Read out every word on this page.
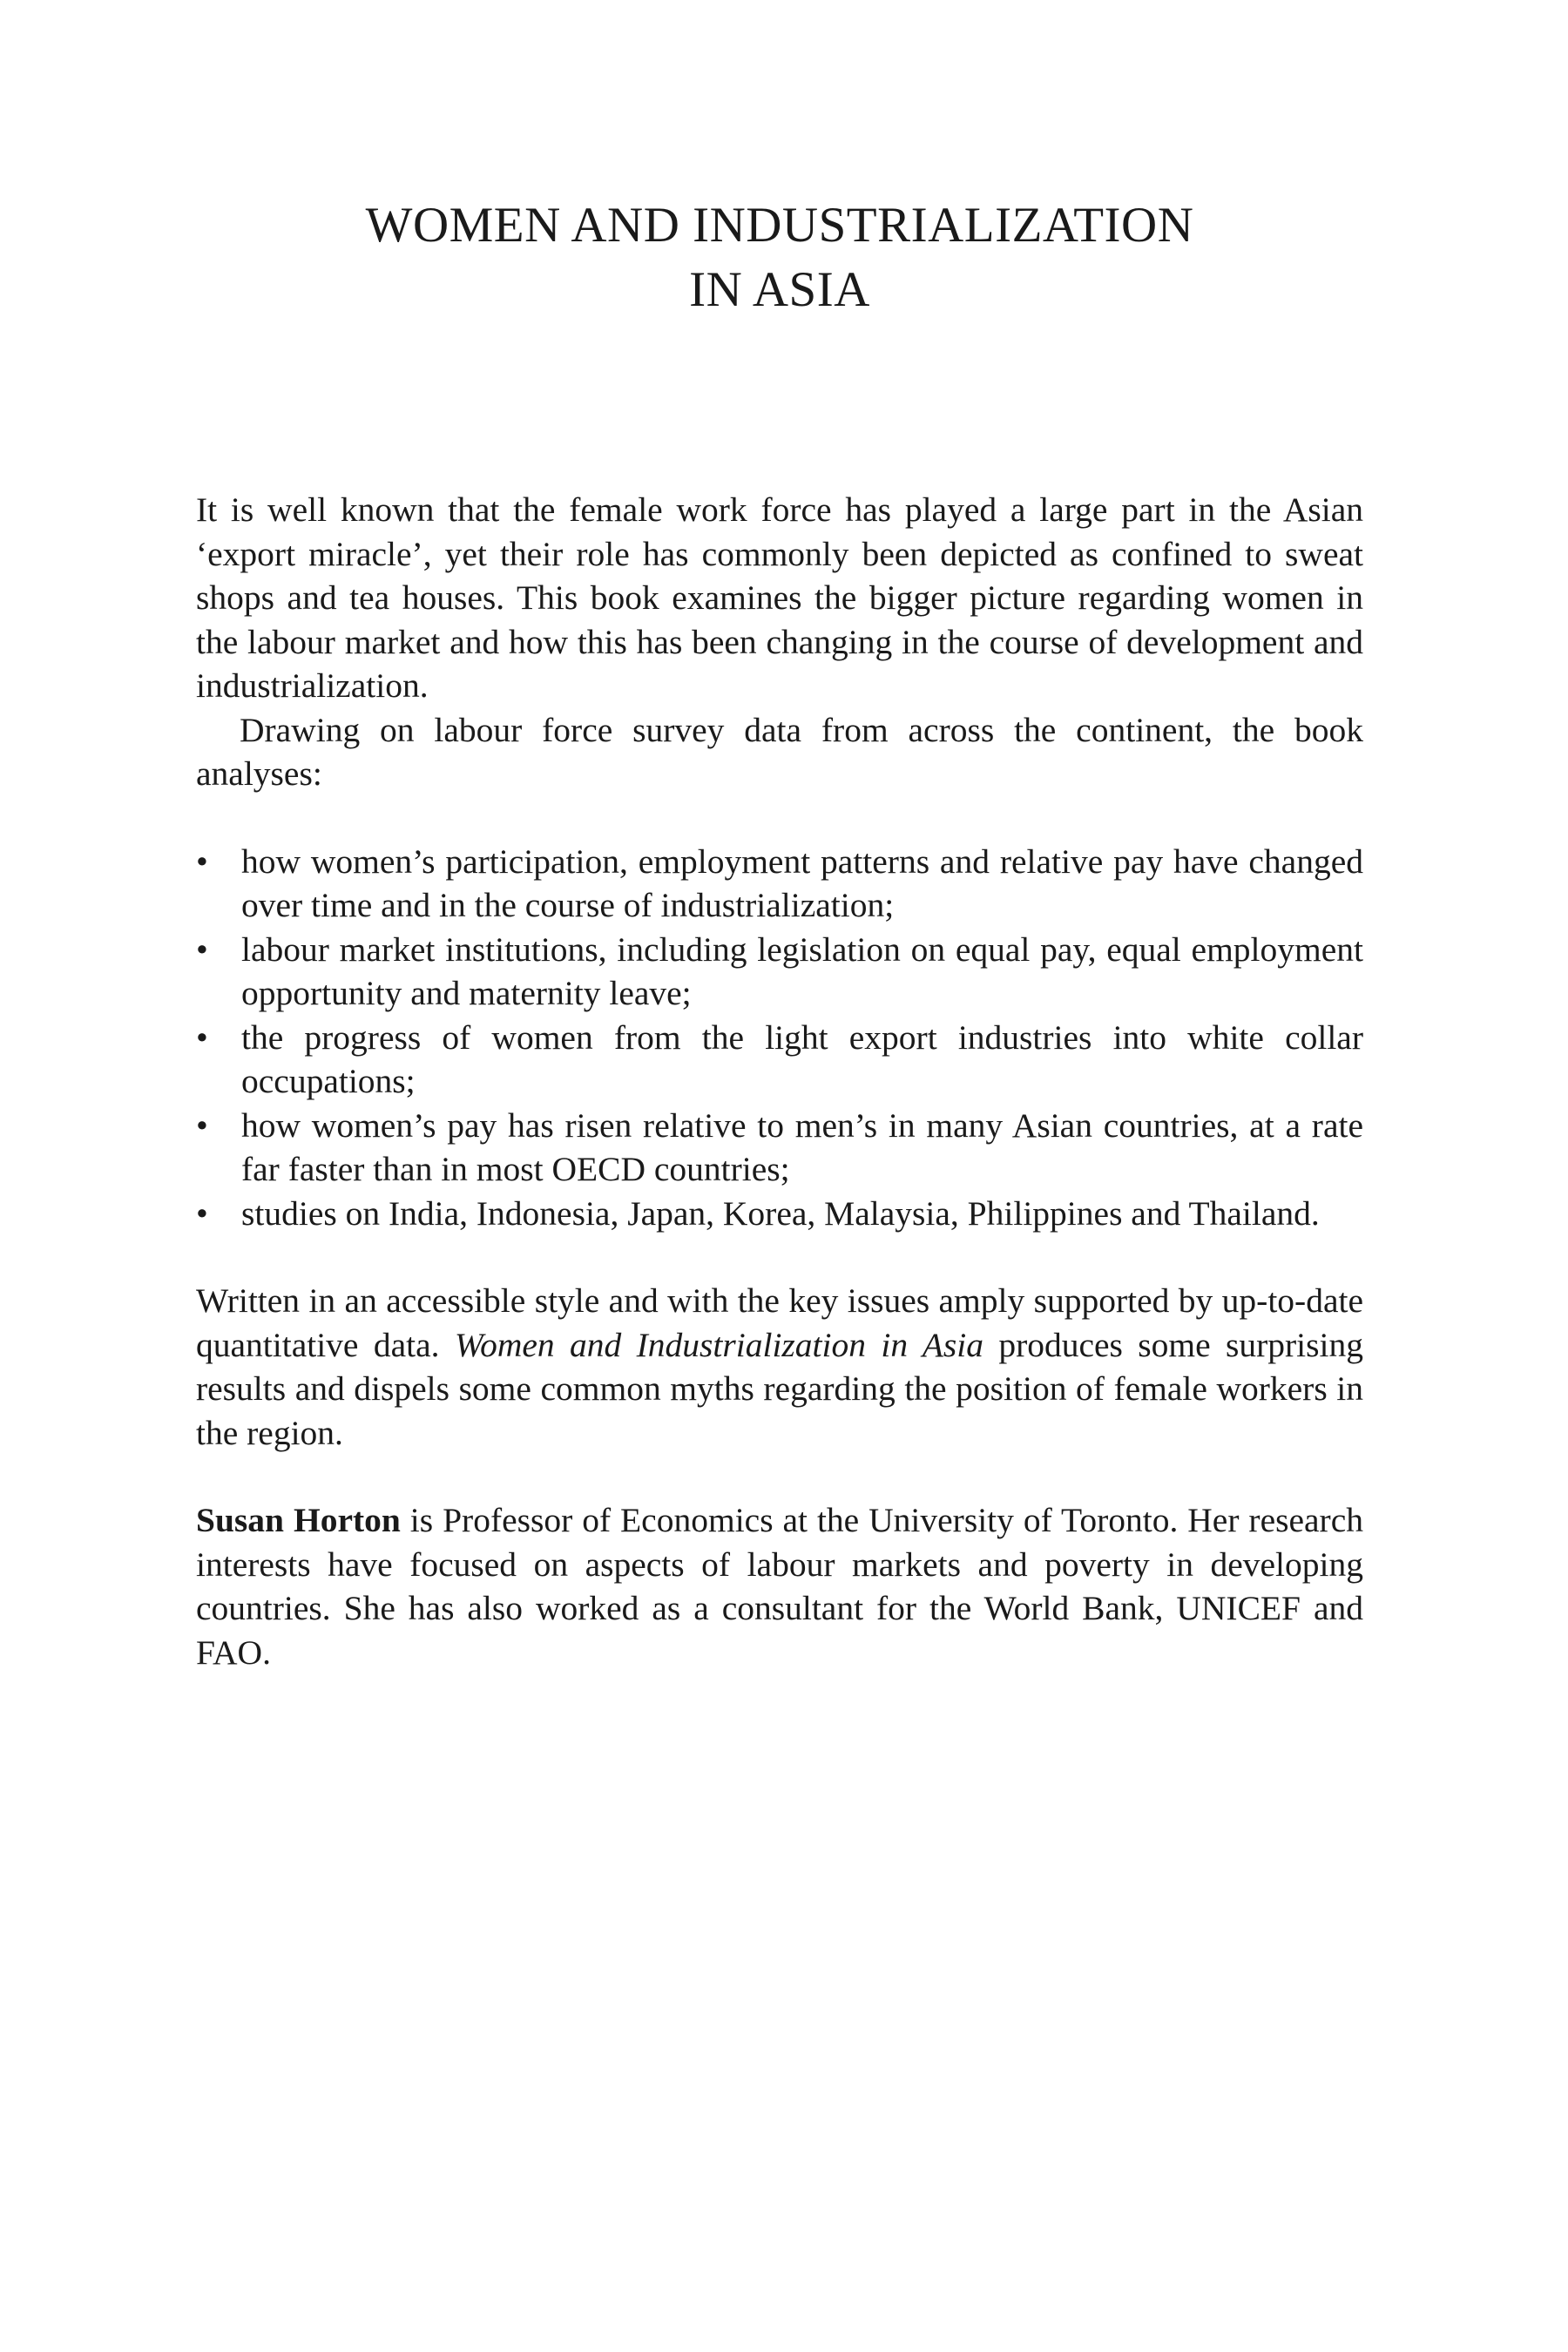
WOMEN AND INDUSTRIALIZATION
IN ASIA

It is well known that the female work force has played a large part in the Asian ‘export miracle’, yet their role has commonly been depicted as confined to sweat shops and tea houses. This book examines the bigger picture regarding women in the labour market and how this has been changing in the course of development and industrialization.

Drawing on labour force survey data from across the continent, the book analyses:

• how women’s participation, employment patterns and relative pay have changed over time and in the course of industrialization;
• labour market institutions, including legislation on equal pay, equal employment opportunity and maternity leave;
• the progress of women from the light export industries into white collar occupations;
• how women’s pay has risen relative to men’s in many Asian countries, at a rate far faster than in most OECD countries;
• studies on India, Indonesia, Japan, Korea, Malaysia, Philippines and Thailand.

Written in an accessible style and with the key issues amply supported by up-to-date quantitative data. Women and Industrialization in Asia produces some surprising results and dispels some common myths regarding the position of female workers in the region.

Susan Horton is Professor of Economics at the University of Toronto. Her research interests have focused on aspects of labour markets and poverty in developing countries. She has also worked as a consultant for the World Bank, UNICEF and FAO.
